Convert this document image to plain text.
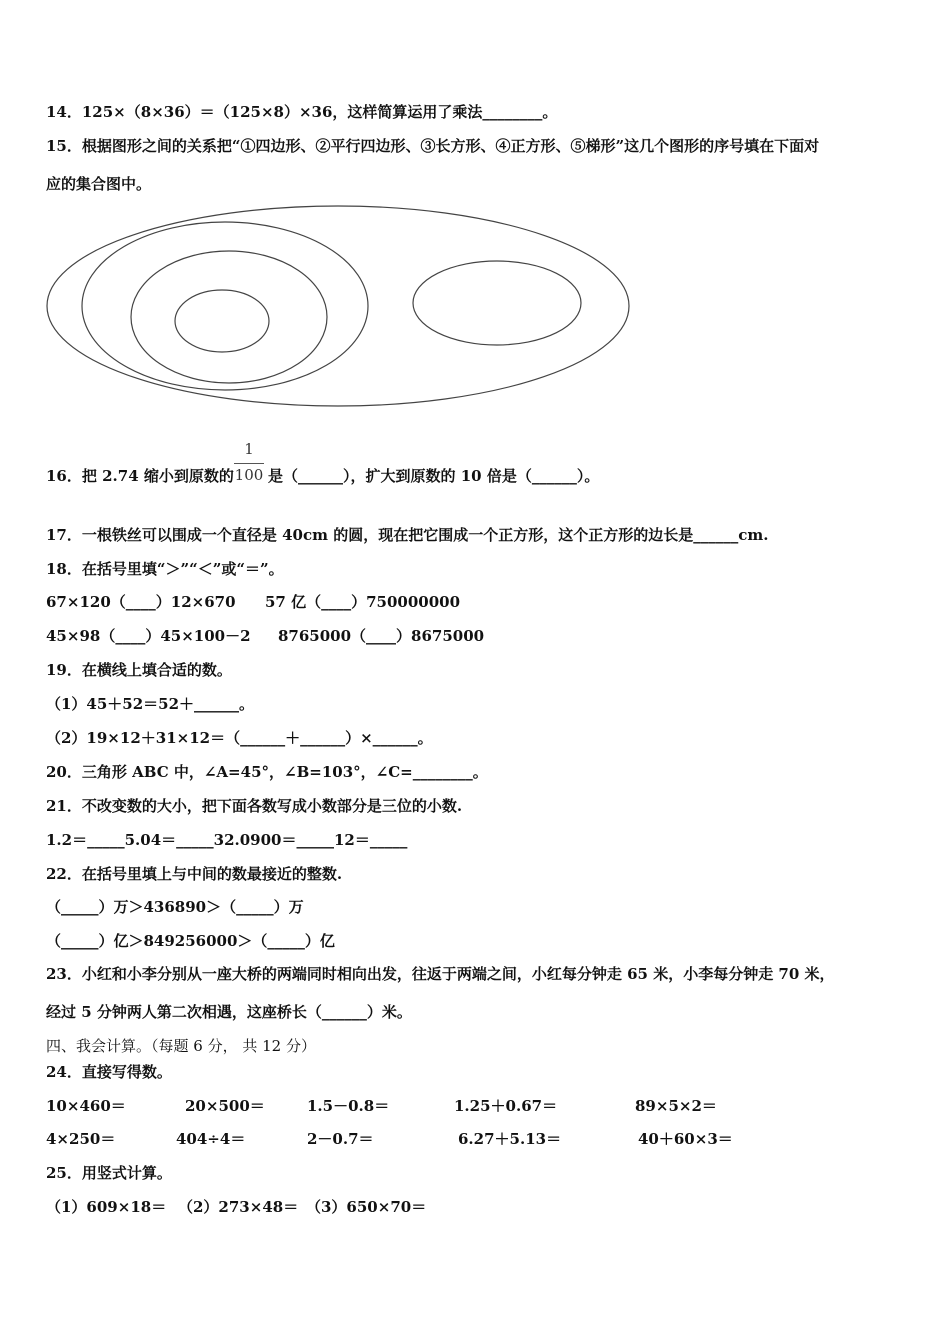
14．125×（8×36）＝（125×8）×36，这样简算运用了乘法________。
15．根据图形之间的关系把“①四边形、②平行四边形、③长方形、④正方形、⑤梯形”这几个图形的序号填在下面对
应的集合图中。
16．把 2.74 缩小到原数的
1
100 是（______），扩大到原数的 10 倍是（______）。
17．一根铁丝可以围成一个直径是 40cm 的圆，现在把它围成一个正方形，这个正方形的边长是______cm.
18．在括号里填“＞”“＜”或“＝”。
67×120（____）12×670 57 亿（____）750000000
45×98（____）45×100－2 8765000（____）8675000
19．在横线上填合适的数。
（1）45＋52＝52＋______。
（2）19×12＋31×12＝（______＋______）×______。
20．三角形 ABC 中，∠A=45°，∠B=103°，∠C=________。
21．不改变数的大小，把下面各数写成小数部分是三位的小数.
1.2＝_____5.04＝_____32.0900＝_____12＝_____
22．在括号里填上与中间的数最接近的整数.
（_____）万＞436890＞（_____）万
（_____）亿＞849256000＞（_____）亿
23．小红和小李分别从一座大桥的两端同时相向出发，往返于两端之间，小红每分钟走 65 米，小李每分钟走 70 米，
经过 5 分钟两人第二次相遇，这座桥长（______）米。
四、我会计算。（每题 6 分， 共 12 分）
24．直接写得数。
10×460＝	20×500＝	1.5－0.8＝	1.25＋0.67＝	89×5×2＝
4×250＝	404÷4＝	2－0.7＝	6.27＋5.13＝	40＋60×3＝
25．用竖式计算。
（1）609×18＝ （2）273×48＝ （3）650×70＝
